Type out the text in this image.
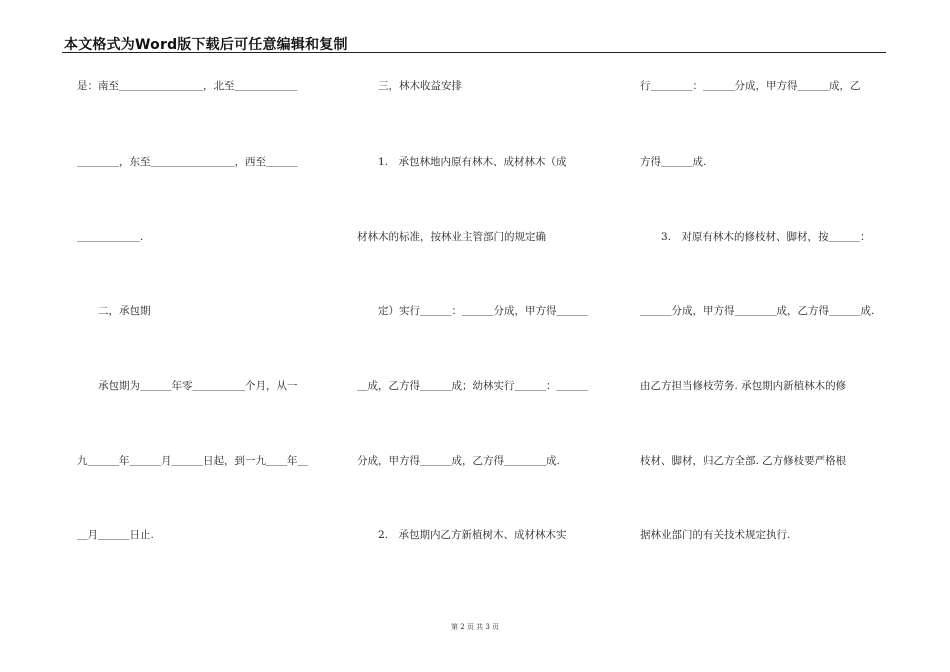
本文格式为Word版下载后可任意编辑和复制
是：南至＿＿＿＿＿＿＿＿，北至＿＿＿＿＿＿
＿＿＿＿，东至＿＿＿＿＿＿＿＿，西至＿＿＿
＿＿＿＿＿＿.
　　二，承包期
　　承包期为＿＿＿年零＿＿＿＿＿个月，从一
九＿＿＿年＿＿＿月＿＿＿日起，到一九＿＿年＿
＿月＿＿＿日止.
　　三，林木收益安排
　　1.　承包林地内原有林木、成材林木（成
材林木的标准，按林业主管部门的规定确
　　定）实行＿＿＿：＿＿＿分成，甲方得＿＿＿
＿成，乙方得＿＿＿成；幼林实行＿＿＿：＿＿＿
分成，甲方得＿＿＿成，乙方得＿＿＿＿成.
　　2.　承包期内乙方新植树木、成材林木实
行＿＿＿＿：＿＿＿分成，甲方得＿＿＿成，乙
方得＿＿＿成.
　　3.　对原有林木的修枝材、脚材，按＿＿＿：
＿＿＿分成，甲方得＿＿＿＿成，乙方得＿＿＿成.
由乙方担当修枝劳务. 承包期内新植林木的修
枝材、脚材，归乙方全部. 乙方修枝要严格根
据林业部门的有关技术规定执行.
第 2 页 共 3 页
